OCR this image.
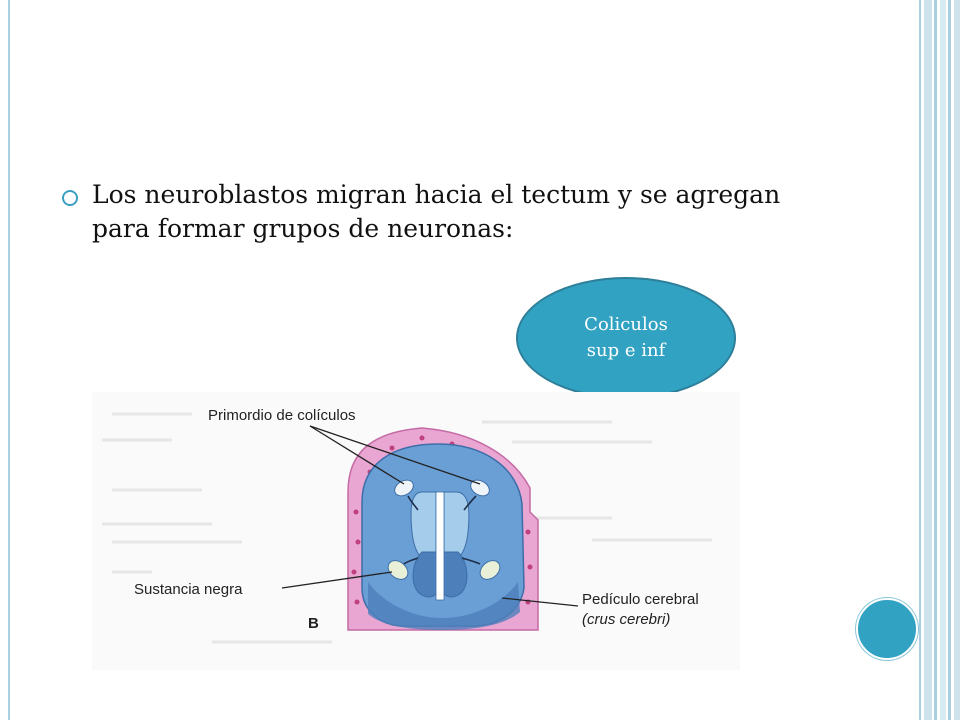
Los neuroblastos migran hacia el tectum y se agregan para formar grupos de neuronas:
Coliculos
sup e inf
Primordio de colículos
Sustancia negra
Pedículo cerebral
(crus cerebri)
B
